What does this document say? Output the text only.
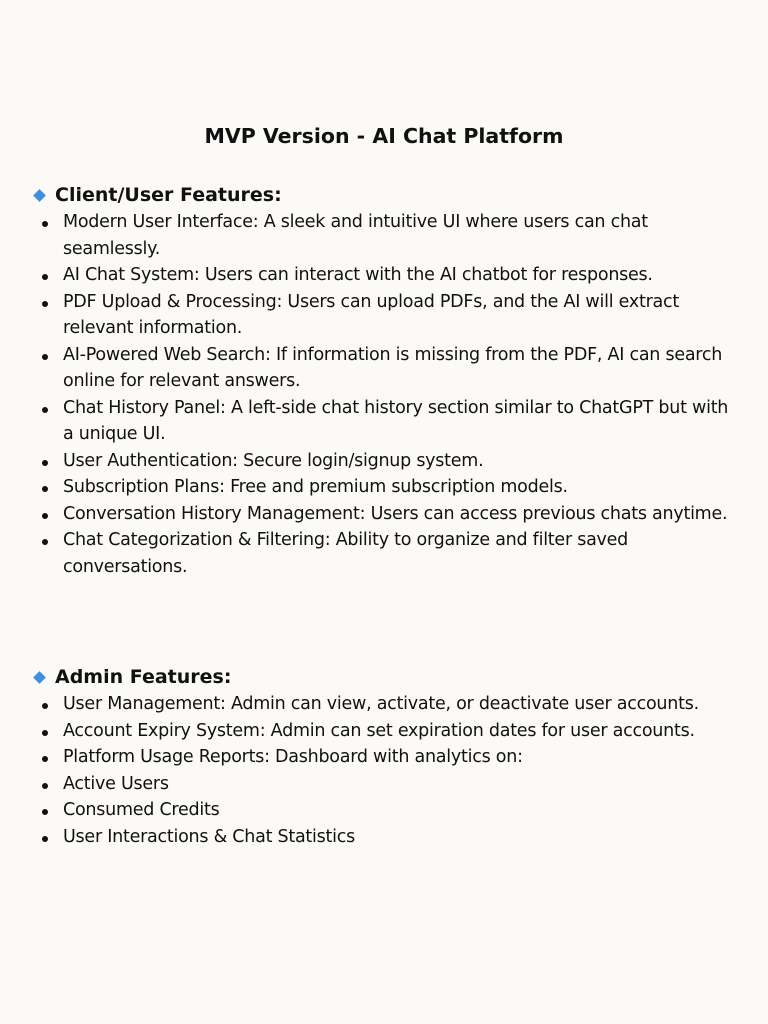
MVP Version - AI Chat Platform
Client/User Features:
Modern User Interface: A sleek and intuitive UI where users can chat seamlessly.
AI Chat System: Users can interact with the AI chatbot for responses.
PDF Upload & Processing: Users can upload PDFs, and the AI will extract relevant information.
AI-Powered Web Search: If information is missing from the PDF, AI can search online for relevant answers.
Chat History Panel: A left-side chat history section similar to ChatGPT but with a unique UI.
User Authentication: Secure login/signup system.
Subscription Plans: Free and premium subscription models.
Conversation History Management: Users can access previous chats anytime.
Chat Categorization & Filtering: Ability to organize and filter saved conversations.
Admin Features:
User Management: Admin can view, activate, or deactivate user accounts.
Account Expiry System: Admin can set expiration dates for user accounts.
Platform Usage Reports: Dashboard with analytics on:
Active Users
Consumed Credits
User Interactions & Chat Statistics
